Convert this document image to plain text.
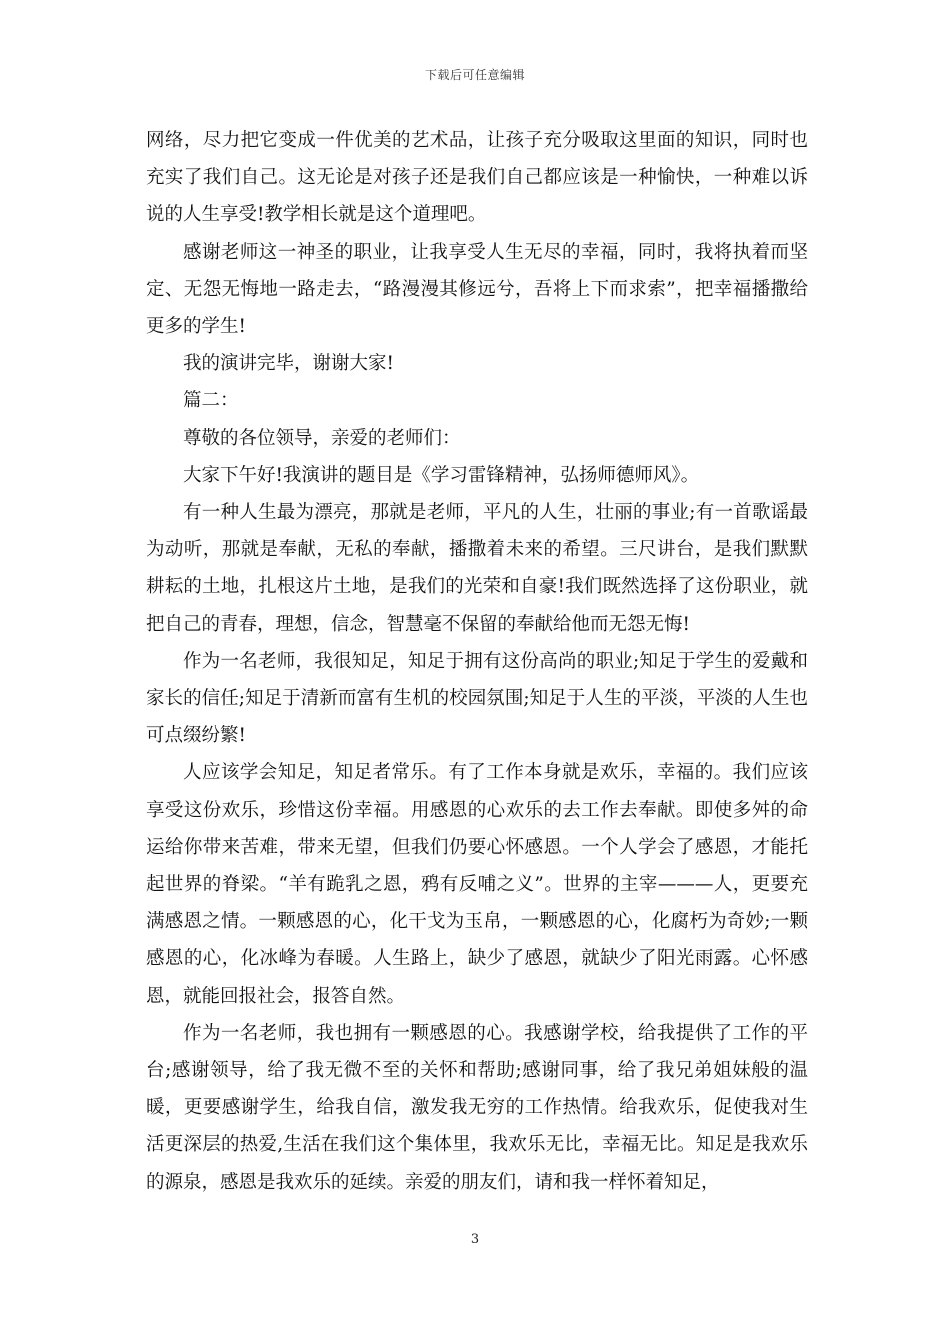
下载后可任意编辑

网络，尽力把它变成一件优美的艺术品，让孩子充分吸取这里面的知识，同时也充实了我们自己。这无论是对孩子还是我们自己都应该是一种愉快，一种难以诉说的人生享受!教学相长就是这个道理吧。

感谢老师这一神圣的职业，让我享受人生无尽的幸福，同时，我将执着而坚定、无怨无悔地一路走去，“路漫漫其修远兮，吾将上下而求索”，把幸福播撒给更多的学生!

我的演讲完毕，谢谢大家!

篇二：

尊敬的各位领导，亲爱的老师们：

大家下午好!我演讲的题目是《学习雷锋精神，弘扬师德师风》。

有一种人生最为漂亮，那就是老师，平凡的人生，壮丽的事业;有一首歌谣最为动听，那就是奉献，无私的奉献，播撒着未来的希望。三尺讲台，是我们默默耕耘的土地，扎根这片土地，是我们的光荣和自豪!我们既然选择了这份职业，就把自己的青春，理想，信念，智慧毫不保留的奉献给他而无怨无悔!

作为一名老师，我很知足，知足于拥有这份高尚的职业;知足于学生的爱戴和家长的信任;知足于清新而富有生机的校园氛围;知足于人生的平淡，平淡的人生也可点缀纷繁!

人应该学会知足，知足者常乐。有了工作本身就是欢乐，幸福的。我们应该享受这份欢乐，珍惜这份幸福。用感恩的心欢乐的去工作去奉献。即使多舛的命运给你带来苦难，带来无望，但我们仍要心怀感恩。一个人学会了感恩，才能托起世界的脊梁。“羊有跪乳之恩，鸦有反哺之义”。世界的主宰———人，更要充满感恩之情。一颗感恩的心，化干戈为玉帛，一颗感恩的心，化腐朽为奇妙;一颗感恩的心，化冰峰为春暖。人生路上，缺少了感恩，就缺少了阳光雨露。心怀感恩，就能回报社会，报答自然。

作为一名老师，我也拥有一颗感恩的心。我感谢学校，给我提供了工作的平台;感谢领导，给了我无微不至的关怀和帮助;感谢同事，给了我兄弟姐妹般的温暖，更要感谢学生，给我自信，激发我无穷的工作热情。给我欢乐，促使我对生活更深层的热爱,生活在我们这个集体里，我欢乐无比，幸福无比。知足是我欢乐的源泉，感恩是我欢乐的延续。亲爱的朋友们，请和我一样怀着知足，

3
